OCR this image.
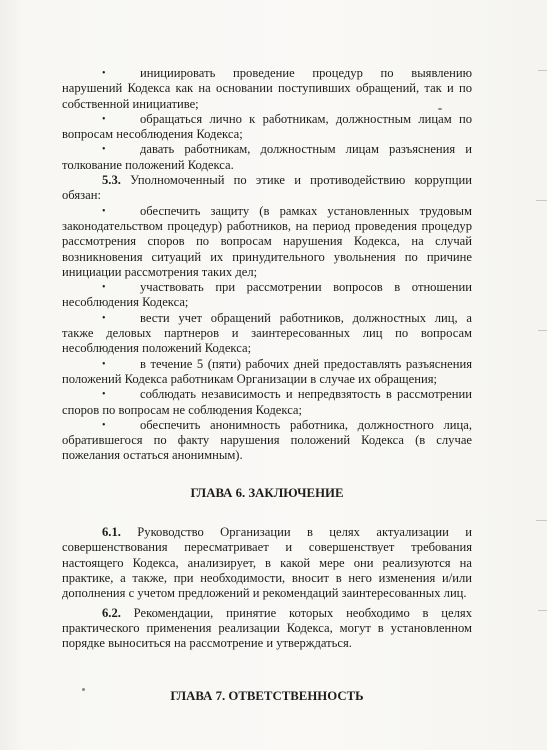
•	инициировать проведение процедур по выявлению нарушений Кодекса как на основании поступивших обращений, так и по собственной инициативе;

•	обращаться лично к работникам, должностным лицам по вопросам несоблюдения Кодекса;

•	давать работникам, должностным лицам разъяснения и толкование положений Кодекса.

5.3. Уполномоченный по этике и противодействию коррупции обязан:

•	обеспечить защиту (в рамках установленных трудовым законодательством процедур) работников, на период проведения процедур рассмотрения споров по вопросам нарушения Кодекса, на случай возникновения ситуаций их принудительного увольнения по причине инициации рассмотрения таких дел;

•	участвовать при рассмотрении вопросов в отношении несоблюдения Кодекса;

•	вести учет обращений работников, должностных лиц, а также деловых партнеров и заинтересованных лиц по вопросам несоблюдения положений Кодекса;

•	в течение 5 (пяти) рабочих дней предоставлять разъяснения положений Кодекса работникам Организации в случае их обращения;

•	соблюдать независимость и непредвзятость в рассмотрении споров по вопросам не соблюдения Кодекса;

•	обеспечить анонимность работника, должностного лица, обратившегося по факту нарушения положений Кодекса (в случае пожелания остаться анонимным).

ГЛАВА 6. ЗАКЛЮЧЕНИЕ

6.1. Руководство Организации в целях актуализации и совершенствования пересматривает и совершенствует требования настоящего Кодекса, анализирует, в какой мере они реализуются на практике, а также, при необходимости, вносит в него изменения и/или дополнения с учетом предложений и рекомендаций заинтересованных лиц.

6.2. Рекомендации, принятие которых необходимо в целях практического применения реализации Кодекса, могут в установленном порядке выноситься на рассмотрение и утверждаться.

ГЛАВА 7. ОТВЕТСТВЕННОСТЬ
